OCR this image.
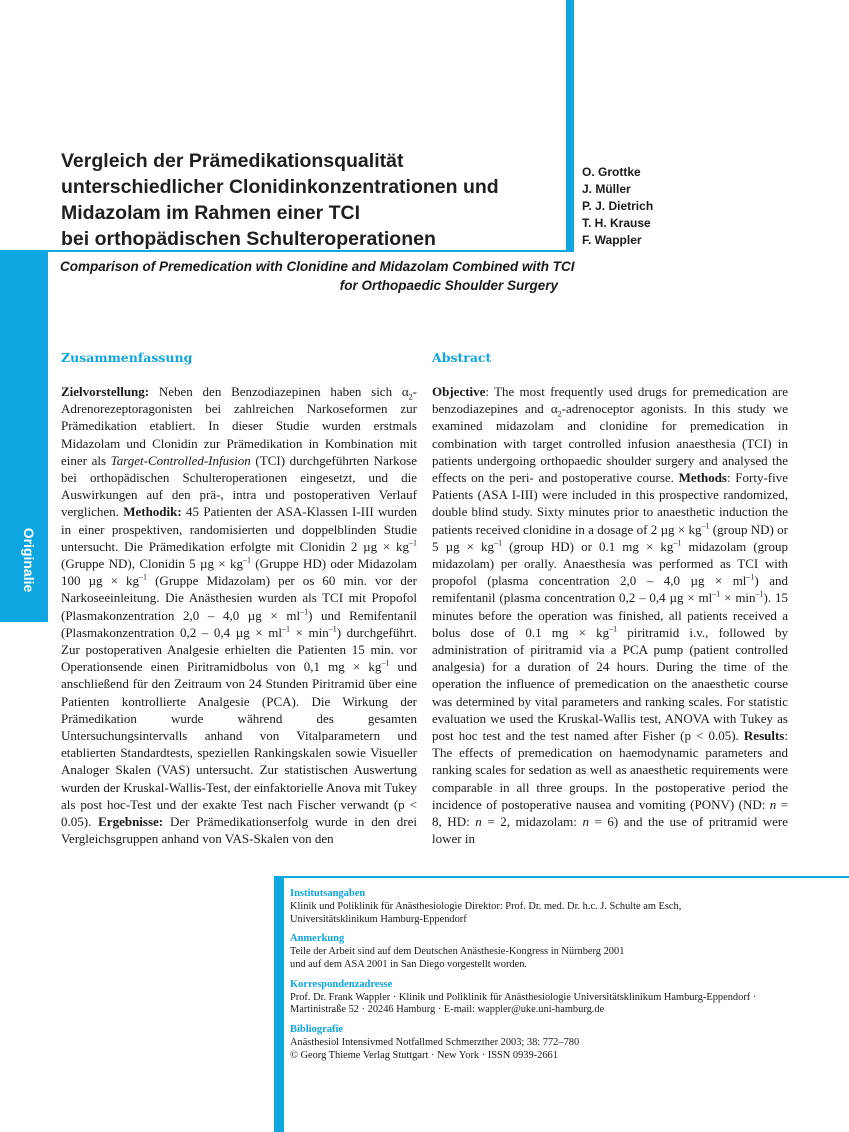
Originalie
772
Vergleich der Prämedikationsqualität
unterschiedlicher Clonidinkonzentrationen und
Midazolam im Rahmen einer TCI
bei orthopädischen Schulteroperationen
O. Grottke
J. Müller
P. J. Dietrich
T. H. Krause
F. Wappler
Comparison of Premedication with Clonidine and Midazolam Combined with TCI
for Orthopaedic Shoulder Surgery
Zusammenfassung	Abstract
Zielvorstellung: Neben den Benzodiazepinen haben sich $\alpha_2$-Adrenorezeptoragonisten bei zahlreichen Narkoseformen zur Prämedikation etabliert. In dieser Studie wurden erstmals Midazolam und Clonidin zur Prämedikation in Kombination mit einer als Target-Controlled-Infusion (TCI) durchgeführten Narkose bei orthopädischen Schulteroperationen eingesetzt, und die Auswirkungen auf den prä-, intra und postoperativen Verlauf verglichen. Methodik: 45 Patienten der ASA-Klassen I-III wurden in einer prospektiven, randomisierten und doppelblinden Studie untersucht. Die Prämedikation erfolgte mit Clonidin 2 $\mu g \times kg^{-1}$ (Gruppe ND), Clonidin 5 $\mu g \times kg^{-1}$ (Gruppe HD) oder Midazolam 100 $\mu g \times kg^{-1}$ (Gruppe Midazolam) per os 60 min. vor der Narkoseeinleitung. Die Anästhesien wurden als TCI mit Propofol (Plasmakonzentration 2,0 – 4,0 $\mu g \times ml^{-1}$) und Remifentanil (Plasmakonzentration 0,2 – 0,4 $\mu g \times ml^{-1} \times \min^{-1}$) durchgeführt. Zur postoperativen Analgesie erhielten die Patienten 15 min. vor Operationsende einen Piritramidbolus von 0,1 mg × $kg^{-1}$ und anschließend für den Zeitraum von 24 Stunden Piritramid über eine Patienten kontrollierte Analgesie (PCA). Die Wirkung der Prämedikation wurde während des gesamten Untersuchungsintervalls anhand von Vitalparametern und etablierten Standardtests, speziellen Rankingskalen sowie Visueller Analoger Skalen (VAS) untersucht. Zur statistischen Auswertung wurden der Kruskal-Wallis-Test, der einfaktorielle Anova mit Tukey als post hoc-Test und der exakte Test nach Fischer verwandt (p < 0.05). Ergebnisse: Der Prämedikationserfolg wurde in den drei Vergleichsgruppen anhand von VAS-Skalen von den
Objective: The most frequently used drugs for premedication are benzodiazepines and $\alpha_2$-adrenoceptor agonists. In this study we examined midazolam and clonidine for premedication in combination with target controlled infusion anaesthesia (TCI) in patients undergoing orthopaedic shoulder surgery and analysed the effects on the peri- and postoperative course. Methods: Forty-five Patients (ASA I-III) were included in this prospective randomized, double blind study. Sixty minutes prior to anaesthetic induction the patients received clonidine in a dosage of 2 $\mu g \times kg^{-1}$ (group ND) or 5 $\mu g \times kg^{-1}$ (group HD) or 0.1 mg × $kg^{-1}$ midazolam (group midazolam) per orally. Anaesthesia was performed as TCI with propofol (plasma concentration 2,0 – 4,0 $\mu g \times ml^{-1}$) and remifentanil (plasma concentration 0,2 – 0,4 $\mu g \times ml^{-1} \times \min^{-1}$). 15 minutes before the operation was finished, all patients received a bolus dose of 0.1 mg × $kg^{-1}$ piritramid i.v., followed by administration of piritramid via a PCA pump (patient controlled analgesia) for a duration of 24 hours. During the time of the operation the influence of premedication on the anaesthetic course was determined by vital parameters and ranking scales. For statistic evaluation we used the Kruskal-Wallis test, ANOVA with Tukey as post hoc test and the test named after Fisher (p < 0.05). Results: The effects of premedication on haemodynamic parameters and ranking scales for sedation as well as anaesthetic requirements were comparable in all three groups. In the postoperative period the incidence of postoperative nausea and vomiting (PONV) (ND: n = 8, HD: n = 2, midazolam: n = 6) and the use of pritramid were lower in
Institutsangaben
Klinik und Poliklinik für Anästhesiologie Direktor: Prof. Dr. med. Dr. h.c. J. Schulte am Esch,
Universitätsklinikum Hamburg-Eppendorf
Anmerkung
Teile der Arbeit sind auf dem Deutschen Anästhesie-Kongress in Nürnberg 2001
und auf dem ASA 2001 in San Diego vorgestellt worden.
Korrespondenzadresse
Prof. Dr. Frank Wappler · Klinik und Poliklinik für Anästhesiologie Universitätsklinikum Hamburg-Eppendorf ·
Martinistraße 52 · 20246 Hamburg · E-mail: wappler@uke.uni-hamburg.de
Bibliografie
Anästhesiol Intensivmed Notfallmed Schmerzther 2003; 38: 772–780
© Georg Thieme Verlag Stuttgart · New York · ISSN 0939-2661
